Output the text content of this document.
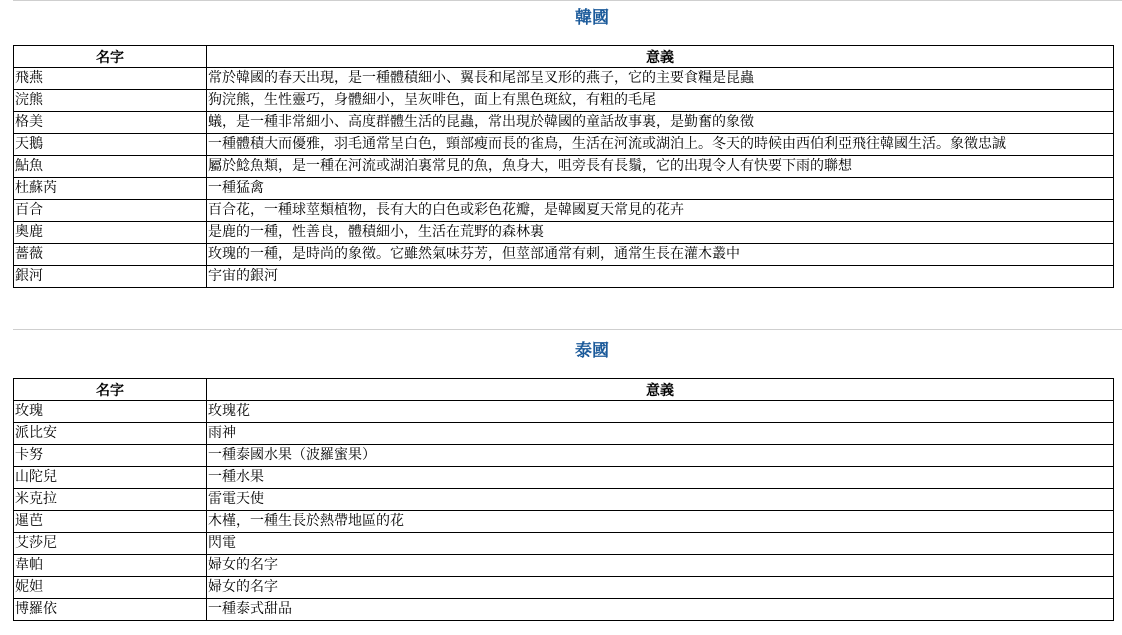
韓國
名字	意義
飛燕	常於韓國的春天出現，是一種體積細小、翼長和尾部呈叉形的燕子，它的主要食糧是昆蟲
浣熊	狗浣熊，生性靈巧，身體細小，呈灰啡色，面上有黑色斑紋，有粗的毛尾
格美	蟻，是一種非常細小、高度群體生活的昆蟲，常出現於韓國的童話故事裏，是勤奮的象徵
天鵝	一種體積大而優雅，羽毛通常呈白色，頸部瘦而長的雀鳥，生活在河流或湖泊上。冬天的時候由西伯利亞飛往韓國生活。象徵忠誠
鮎魚	屬於鯰魚類，是一種在河流或湖泊裏常見的魚，魚身大，咀旁長有長鬚，它的出現令人有快要下雨的聯想
杜蘇芮	一種猛禽
百合	百合花，一種球莖類植物，長有大的白色或彩色花瓣，是韓國夏天常見的花卉
奧鹿	是鹿的一種，性善良，體積細小，生活在荒野的森林裏
薔薇	玫瑰的一種，是時尚的象徵。它雖然氣味芬芳，但莖部通常有刺，通常生長在灌木叢中
銀河	宇宙的銀河
泰國
名字	意義
玫瑰	玫瑰花
派比安	雨神
卡努	一種泰國水果（波羅蜜果）
山陀兒	一種水果
米克拉	雷電天使
暹芭	木槿，一種生長於熱帶地區的花
艾莎尼	閃電
韋帕	婦女的名字
妮妲	婦女的名字
博羅依	一種泰式甜品
